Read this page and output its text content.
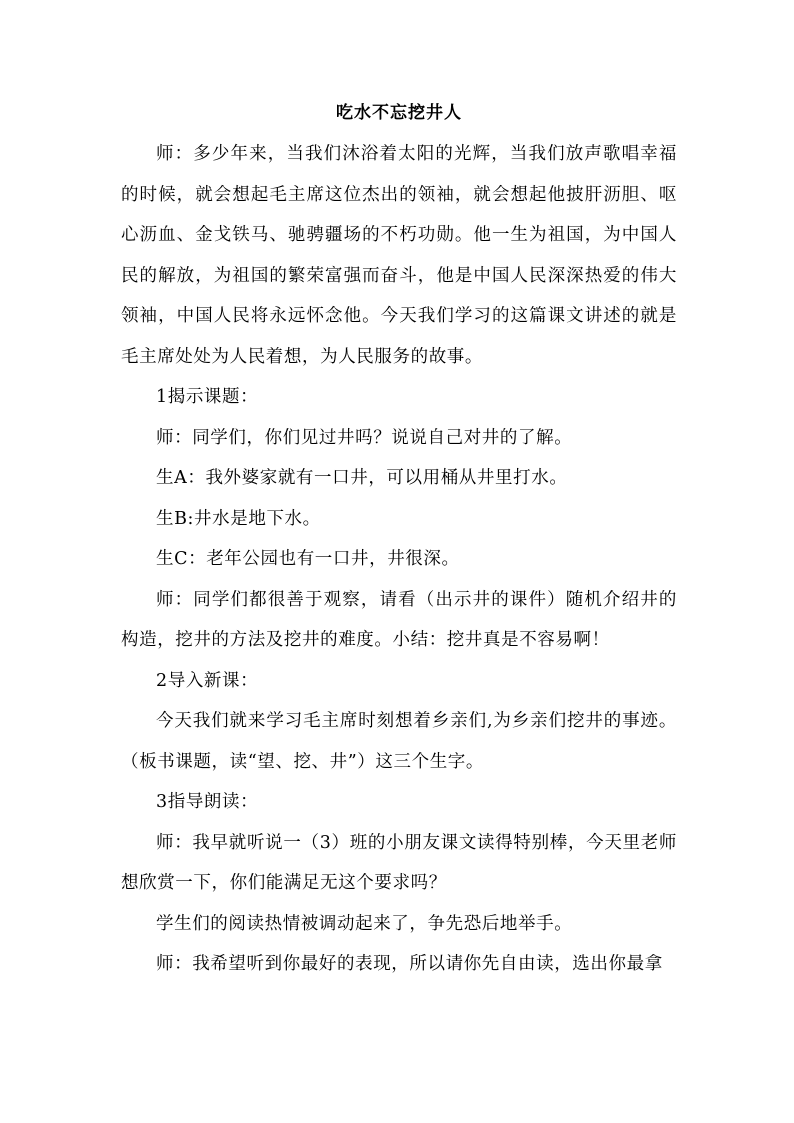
吃水不忘挖井人

师：多少年来，当我们沐浴着太阳的光辉，当我们放声歌唱幸福的时候，就会想起毛主席这位杰出的领袖，就会想起他披肝沥胆、呕心沥血、金戈铁马、驰骋疆场的不朽功勋。他一生为祖国，为中国人民的解放，为祖国的繁荣富强而奋斗，他是中国人民深深热爱的伟大领袖，中国人民将永远怀念他。今天我们学习的这篇课文讲述的就是毛主席处处为人民着想，为人民服务的故事。

1揭示课题：

师：同学们，你们见过井吗？说说自己对井的了解。

生A：我外婆家就有一口井，可以用桶从井里打水。

生B:井水是地下水。

生C：老年公园也有一口井，井很深。

师：同学们都很善于观察，请看（出示井的课件）随机介绍井的构造，挖井的方法及挖井的难度。小结：挖井真是不容易啊！

2导入新课：

今天我们就来学习毛主席时刻想着乡亲们,为乡亲们挖井的事迹。（板书课题，读“望、挖、井”）这三个生字。

3指导朗读：

师：我早就听说一（3）班的小朋友课文读得特别棒，今天里老师想欣赏一下，你们能满足无这个要求吗？

学生们的阅读热情被调动起来了，争先恐后地举手。

师：我希望听到你最好的表现，所以请你先自由读，选出你最拿
